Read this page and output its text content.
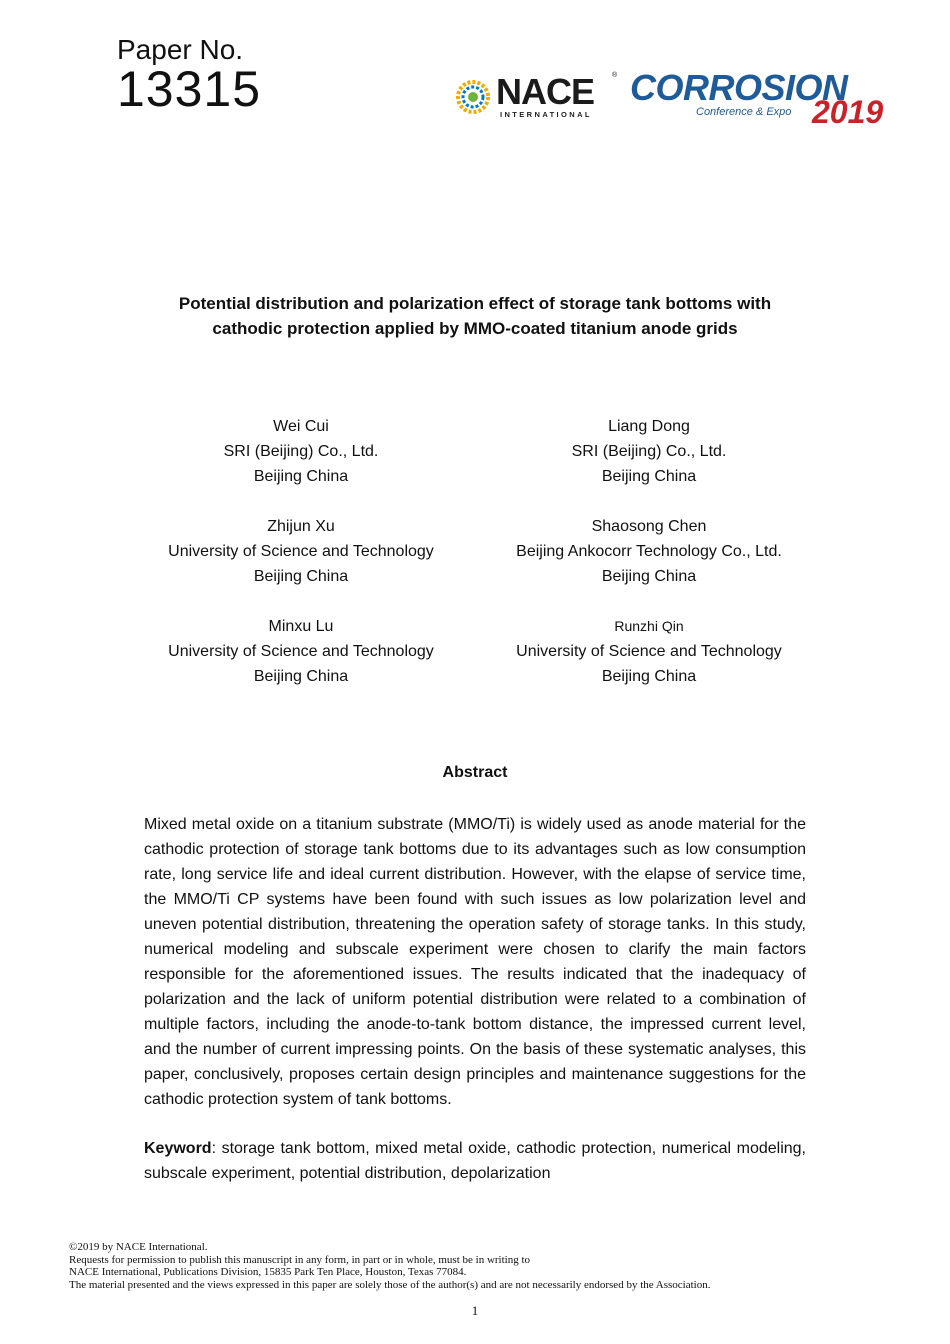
Paper No.
13315	NACE	®
INTERNATIONAL
CORROSION
Conference & Expo 2019
Potential distribution and polarization effect of storage tank bottoms with
cathodic protection applied by MMO-coated titanium anode grids
Wei Cui
SRI (Beijing) Co., Ltd.
Beijing China
Liang Dong
SRI (Beijing) Co., Ltd.
Beijing China
Zhijun Xu
University of Science and Technology
Beijing China
Shaosong Chen
Beijing Ankocorr Technology Co., Ltd.
Beijing China
Minxu Lu
University of Science and Technology
Beijing China
Runzhi Qin
University of Science and Technology
Beijing China
Abstract

Mixed metal oxide on a titanium substrate (MMO/Ti) is widely used as anode material for the cathodic protection of storage tank bottoms due to its advantages such as low consumption rate, long service life and ideal current distribution. However, with the elapse of service time, the MMO/Ti CP systems have been found with such issues as low polarization level and uneven potential distribution, threatening the operation safety of storage tanks. In this study, numerical modeling and subscale experiment were chosen to clarify the main factors responsible for the aforementioned issues. The results indicated that the inadequacy of polarization and the lack of uniform potential distribution were related to a combination of multiple factors, including the anode-to-tank bottom distance, the impressed current level, and the number of current impressing points. On the basis of these systematic analyses, this paper, conclusively, proposes certain design principles and maintenance suggestions for the cathodic protection system of tank bottoms.

Keyword: storage tank bottom, mixed metal oxide, cathodic protection, numerical modeling, subscale experiment, potential distribution, depolarization

©2019 by NACE International.
Requests for permission to publish this manuscript in any form, in part or in whole, must be in writing to
NACE International, Publications Division, 15835 Park Ten Place, Houston, Texas 77084.
The material presented and the views expressed in this paper are solely those of the author(s) and are not necessarily endorsed by the Association.
1
